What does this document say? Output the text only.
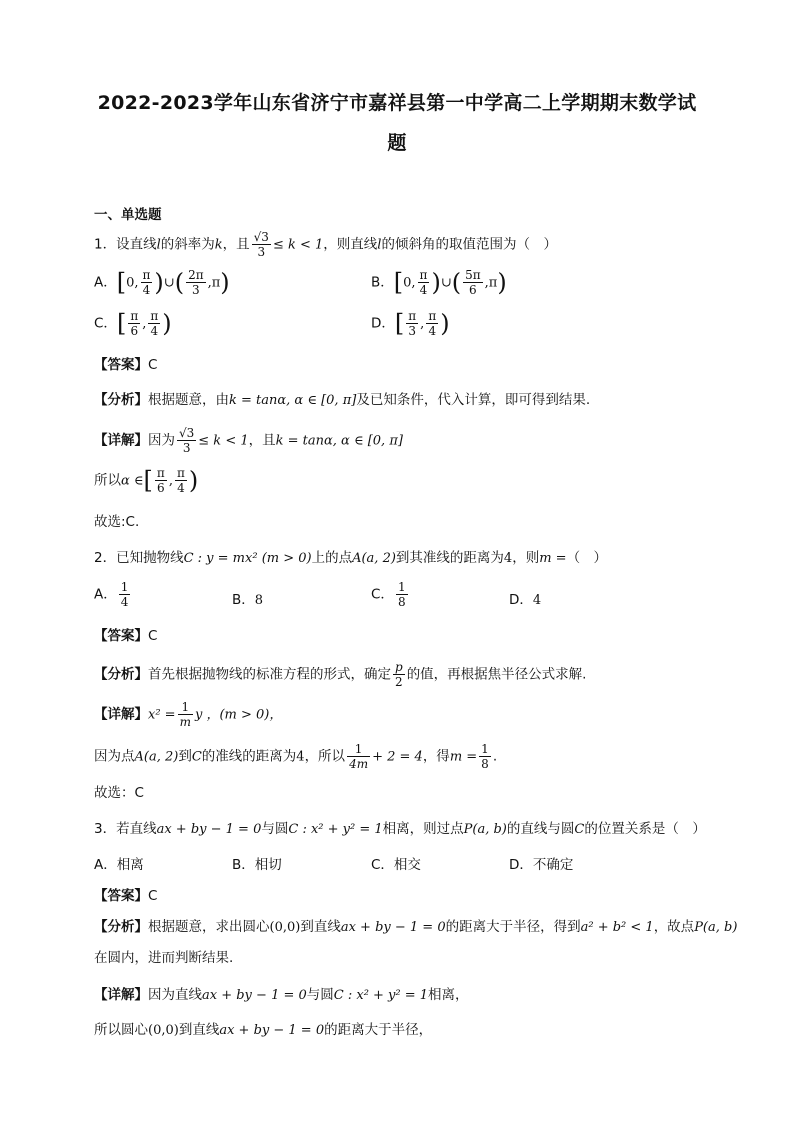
2022-2023学年山东省济宁市嘉祥县第一中学高二上学期期末数学试
题
一、单选题
1．设直线l的斜率为k，且 $\frac{√3}{3} \le k < 1$，则直线l的倾斜角的取值范围为（　）
A．[0, $\frac{\pi}{4}$ )∪( $\frac{2\pi}{3} ,\pi$)	B．[0, $\frac{\pi}{4}$ )∪( $\frac{5\pi}{6} ,\pi$)
C．[ $\frac{\pi}{6}$ , $\frac{\pi}{4}$ )	D．[ $\frac{\pi}{3}$ , $\frac{\pi}{4}$ )
【答案】C
【分析】根据题意，由k = tanα, α ∈ [0, π]及已知条件，代入计算，即可得到结果.
【详解】因为 $\frac{√3}{3} \le k < 1$，且k = tanα, α ∈ [0, π]
所以α ∈[ $\frac{\pi}{6}$ , $\frac{\pi}{4}$ )
故选:C.
2．已知抛物线C : y = mx² (m > 0)上的点A(a, 2)到其准线的距离为4，则m =（　）
A． $\frac{1}{4}$	B．8	C． $\frac{1}{8}$	D．4
【答案】C
【分析】首先根据抛物线的标准方程的形式，确定 $\frac{p}{2}$ 的值，再根据焦半径公式求解.
【详解】$x^2 = \frac{1}{m}$ y ，(m > 0)，
因为点A(a, 2)到C的准线的距离为4，所以 $\frac{1}{4m} + 2 = 4$，得$m = \frac{1}{8}$ .
故选：C
3．若直线ax + by − 1 = 0与圆C : x² + y² = 1相离，则过点P(a, b)的直线与圆C的位置关系是（　）
A．相离	B．相切	C．相交	D．不确定
【答案】C
【分析】根据题意，求出圆心(0,0)到直线ax + by − 1 = 0的距离大于半径，得到a² + b² < 1，故点P(a, b)
在圆内，进而判断结果.
【详解】因为直线ax + by − 1 = 0与圆C : x² + y² = 1相离，
所以圆心(0,0)到直线ax + by − 1 = 0的距离大于半径，
